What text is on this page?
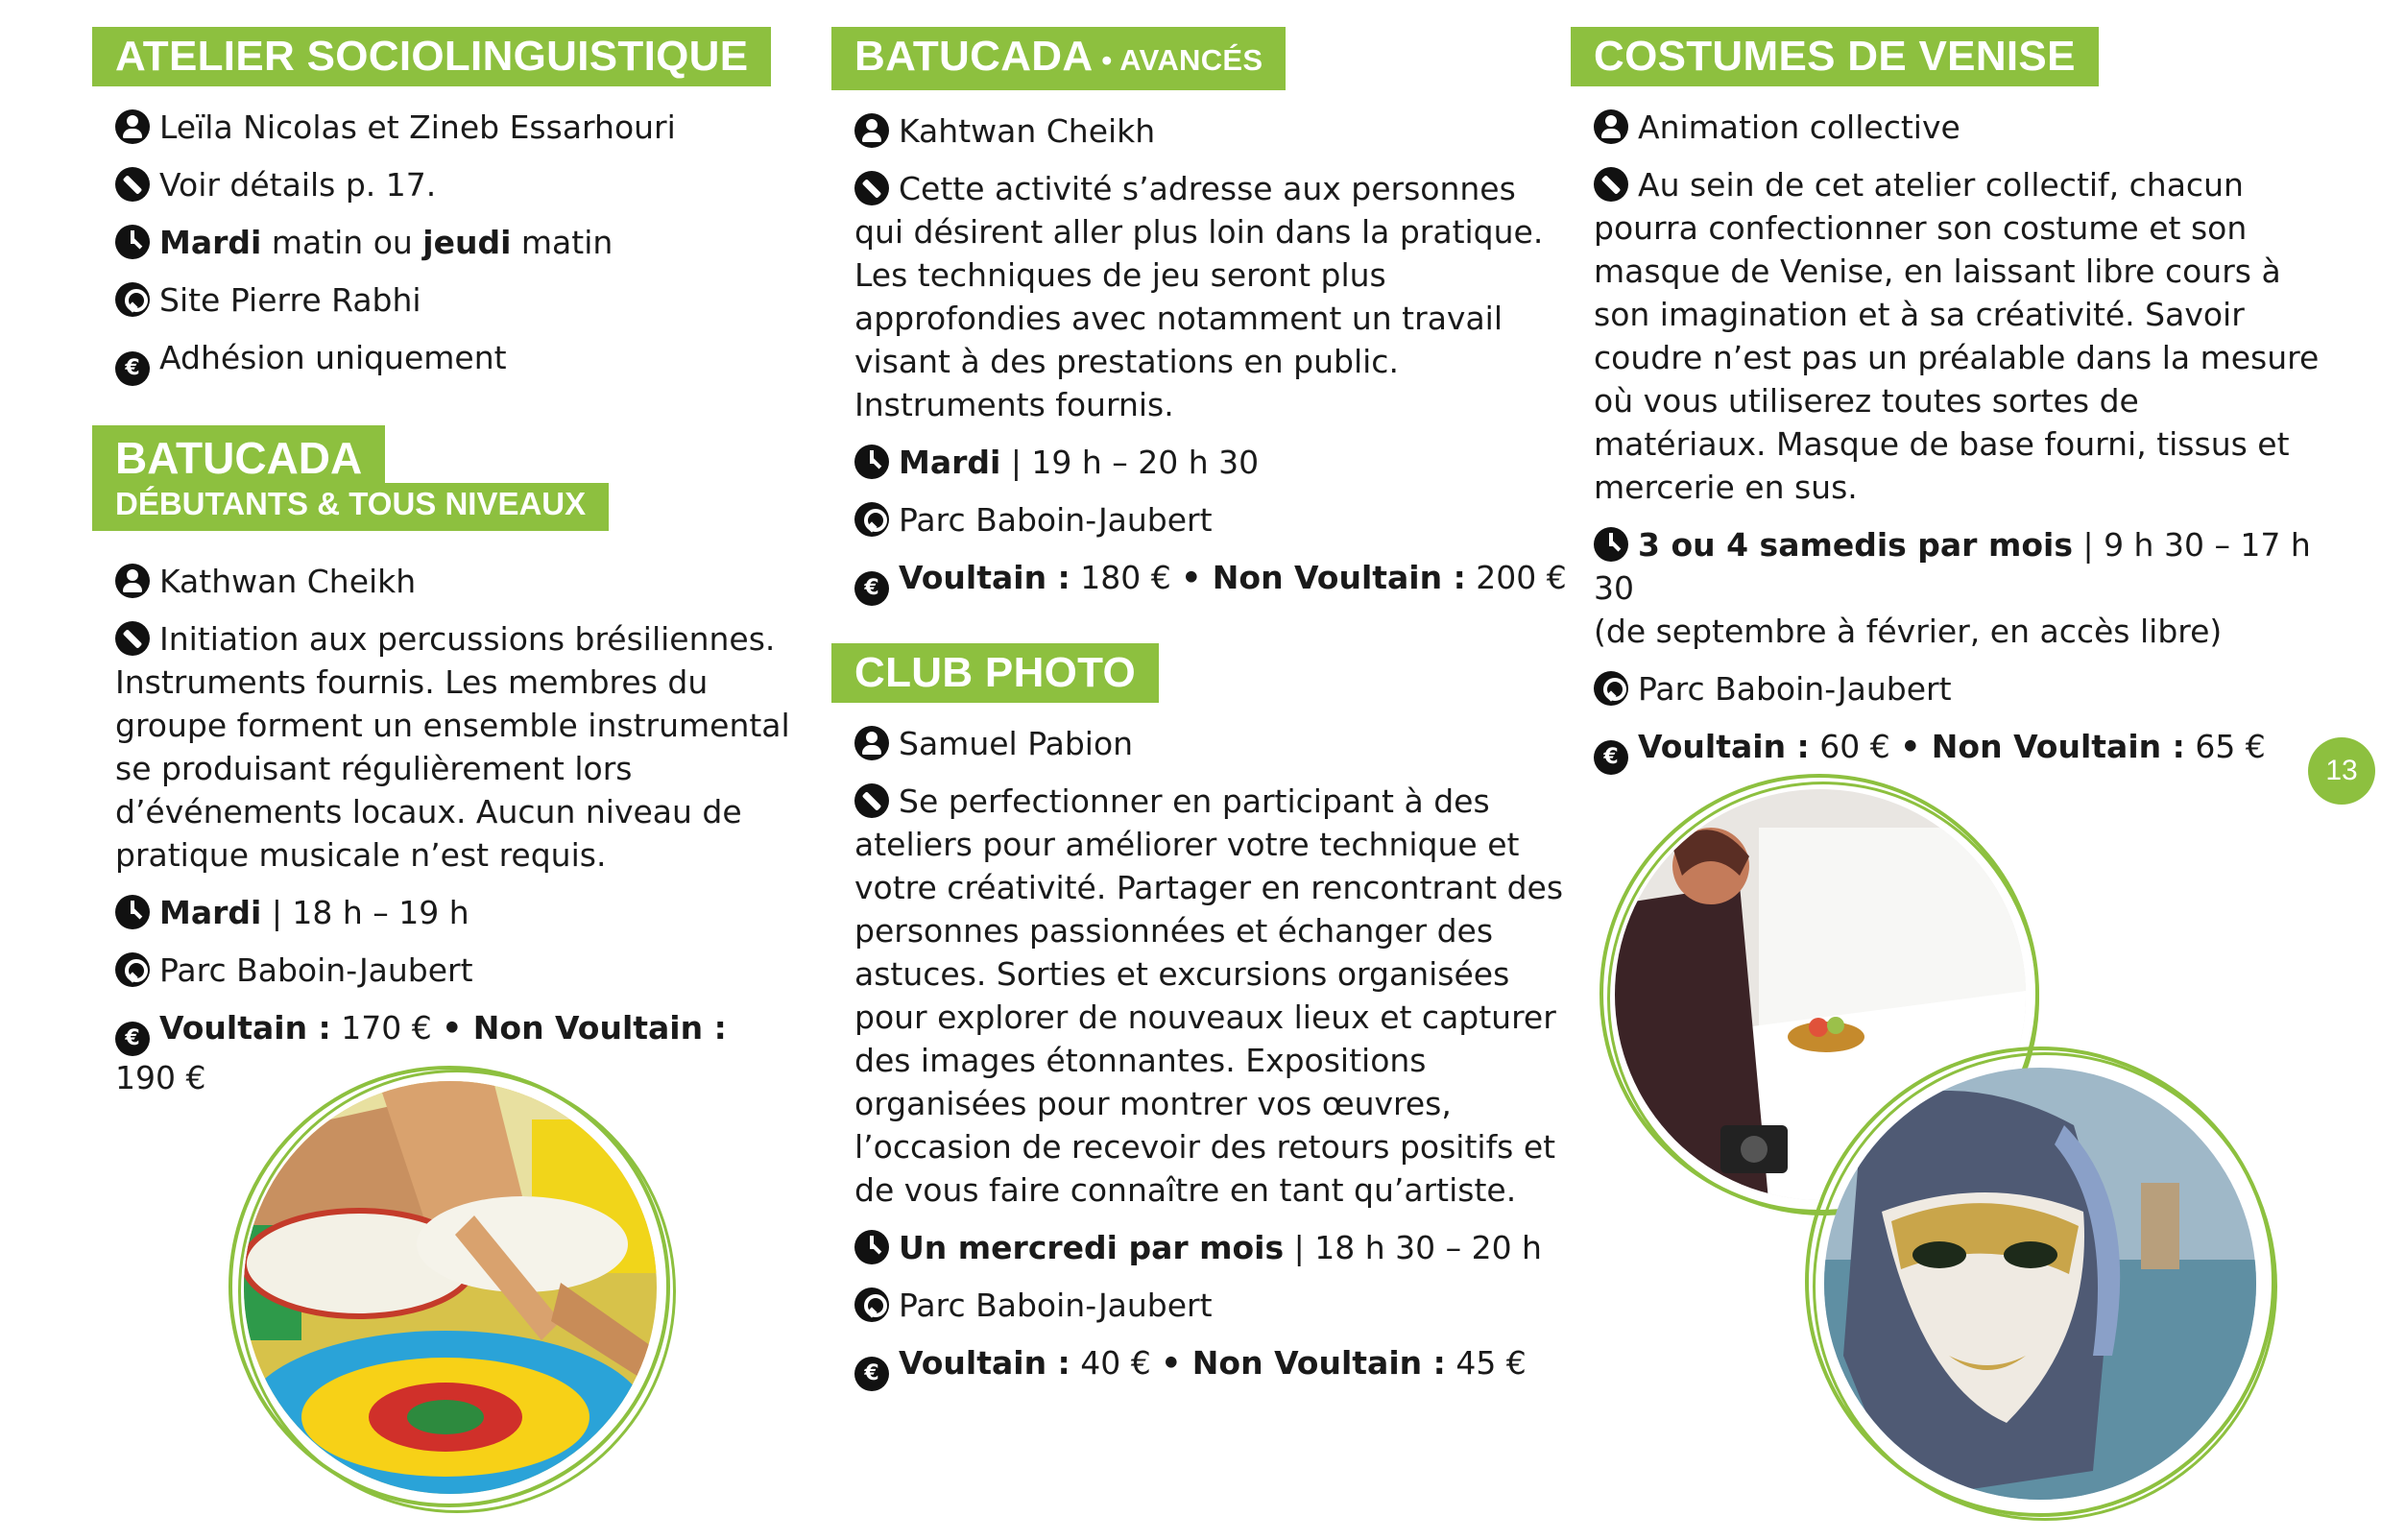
ATELIER SOCIOLINGUISTIQUE
Leïla Nicolas et Zineb Essarhouri
Voir détails p. 17.
Mardi matin ou jeudi matin
Site Pierre Rabhi
€ Adhésion uniquement
BATUCADA
DÉBUTANTS & TOUS NIVEAUX
Kathwan Cheikh
Initiation aux percussions brésiliennes. Instruments fournis. Les membres du groupe forment un ensemble instrumental se produisant régulièrement lors d’événements locaux. Aucun niveau de pratique musicale n’est requis.
Mardi | 18 h – 19 h
Parc Baboin-Jaubert
€ Voultain : 170 € • Non Voultain : 190 €
BATUCADA • AVANCÉS
Kahtwan Cheikh
Cette activité s’adresse aux personnes qui désirent aller plus loin dans la pratique. Les techniques de jeu seront plus approfondies avec notamment un travail visant à des prestations en public. Instruments fournis.
Mardi | 19 h – 20 h 30
Parc Baboin-Jaubert
€ Voultain : 180 € • Non Voultain : 200 €
CLUB PHOTO
Samuel Pabion
Se perfectionner en participant à des ateliers pour améliorer votre technique et votre créativité. Partager en rencontrant des personnes passionnées et échanger des astuces. Sorties et excursions organisées pour explorer de nouveaux lieux et capturer des images étonnantes. Expositions organisées pour montrer vos œuvres, l’occasion de recevoir des retours positifs et de vous faire connaître en tant qu’artiste.
Un mercredi par mois | 18 h 30 – 20 h
Parc Baboin-Jaubert
€ Voultain : 40 € • Non Voultain : 45 €
COSTUMES DE VENISE
Animation collective
Au sein de cet atelier collectif, chacun pourra confectionner son costume et son masque de Venise, en laissant libre cours à son imagination et à sa créativité. Savoir coudre n’est pas un préalable dans la mesure où vous utiliserez toutes sortes de matériaux. Masque de base fourni, tissus et mercerie en sus.
3 ou 4 samedis par mois | 9 h 30 – 17 h 30
(de septembre à février, en accès libre)
Parc Baboin-Jaubert
€ Voultain : 60 € • Non Voultain : 65 €
13
